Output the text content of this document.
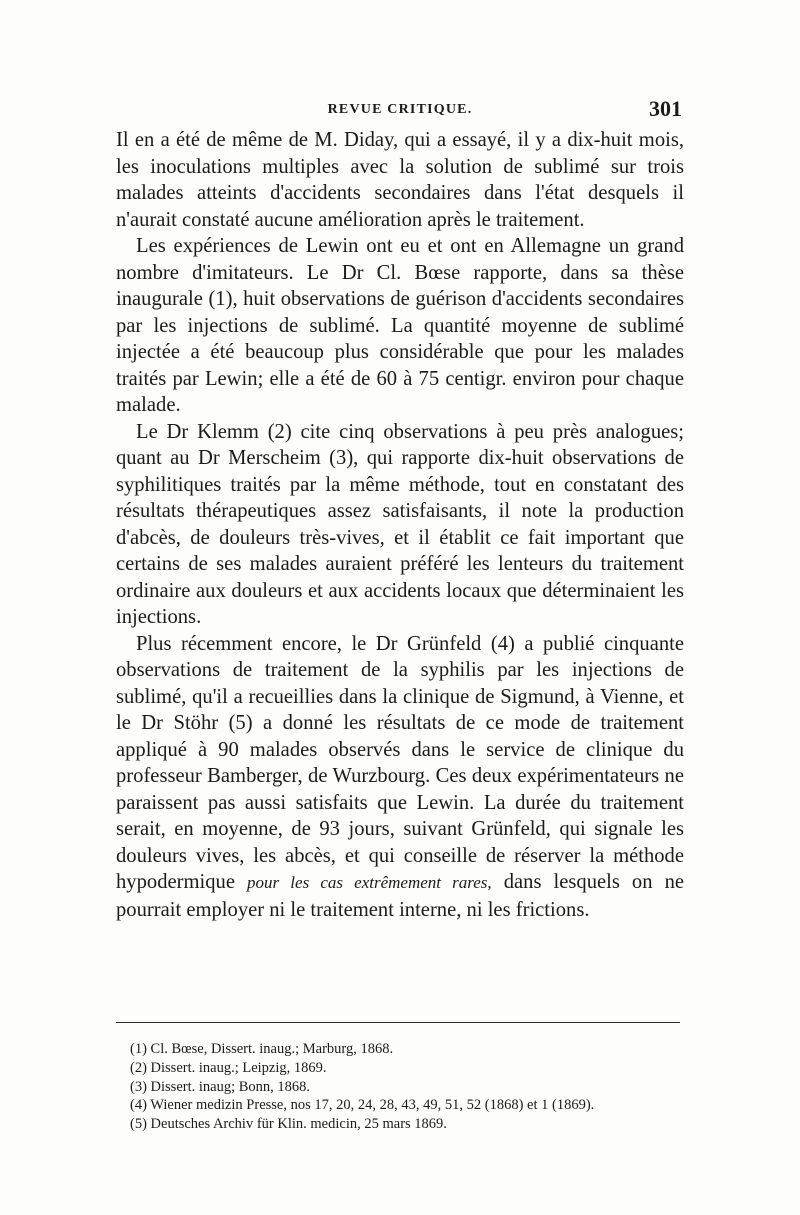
REVUE CRITIQUE.	301

Il en a été de même de M. Diday, qui a essayé, il y a dix-huit mois, les inoculations multiples avec la solution de sublimé sur trois malades atteints d'accidents secondaires dans l'état desquels il n'aurait constaté aucune amélioration après le traitement.

Les expériences de Lewin ont eu et ont en Allemagne un grand nombre d'imitateurs. Le Dr Cl. Bœse rapporte, dans sa thèse inaugurale (1), huit observations de guérison d'accidents secondaires par les injections de sublimé. La quantité moyenne de sublimé injectée a été beaucoup plus considérable que pour les malades traités par Lewin; elle a été de 60 à 75 centigr. environ pour chaque malade.

Le Dr Klemm (2) cite cinq observations à peu près analogues; quant au Dr Merscheim (3), qui rapporte dix-huit observations de syphilitiques traités par la même méthode, tout en constatant des résultats thérapeutiques assez satisfaisants, il note la production d'abcès, de douleurs très-vives, et il établit ce fait important que certains de ses malades auraient préféré les lenteurs du traitement ordinaire aux douleurs et aux accidents locaux que déterminaient les injections.

Plus récemment encore, le Dr Grünfeld (4) a publié cinquante observations de traitement de la syphilis par les injections de sublimé, qu'il a recueillies dans la clinique de Sigmund, à Vienne, et le Dr Stöhr (5) a donné les résultats de ce mode de traitement appliqué à 90 malades observés dans le service de clinique du professeur Bamberger, de Wurzbourg. Ces deux expérimentateurs ne paraissent pas aussi satisfaits que Lewin. La durée du traitement serait, en moyenne, de 93 jours, suivant Grünfeld, qui signale les douleurs vives, les abcès, et qui conseille de réserver la méthode hypodermique pour les cas extrêmement rares, dans lesquels on ne pourrait employer ni le traitement interne, ni les frictions.

(1) Cl. Bœse, Dissert. inaug.; Marburg, 1868.
(2) Dissert. inaug.; Leipzig, 1869.
(3) Dissert. inaug; Bonn, 1868.
(4) Wiener medizin Presse, nos 17, 20, 24, 28, 43, 49, 51, 52 (1868) et 1 (1869).
(5) Deutsches Archiv für Klin. medicin, 25 mars 1869.
